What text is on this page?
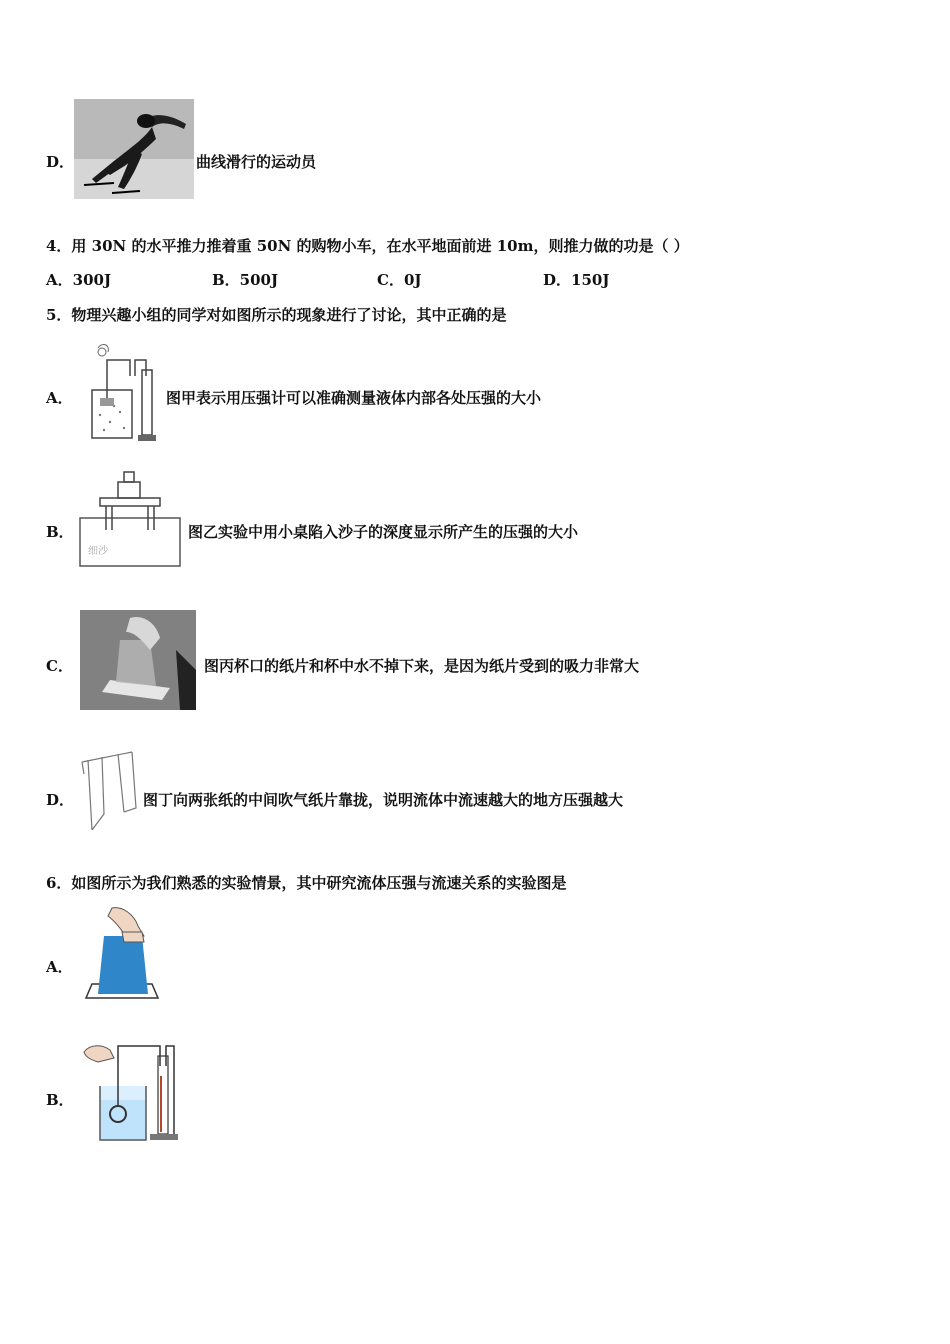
D．	曲线滑行的运动员
4．用 30N 的水平推力推着重 50N 的购物小车，在水平地面前进 10m，则推力做的功是（ ）
A．300J	B．500J	C．0J	D．150J
5．物理兴趣小组的同学对如图所示的现象进行了讨论，其中正确的是
A．	图甲表示用压强计可以准确测量液体内部各处压强的大小
B．
细沙
图乙实验中用小桌陷入沙子的深度显示所产生的压强的大小
C．	图丙杯口的纸片和杯中水不掉下来，是因为纸片受到的吸力非常大
D．	图丁向两张纸的中间吹气纸片靠拢，说明流体中流速越大的地方压强越大
6．如图所示为我们熟悉的实验情景，其中研究流体压强与流速关系的实验图是
A．
B．
